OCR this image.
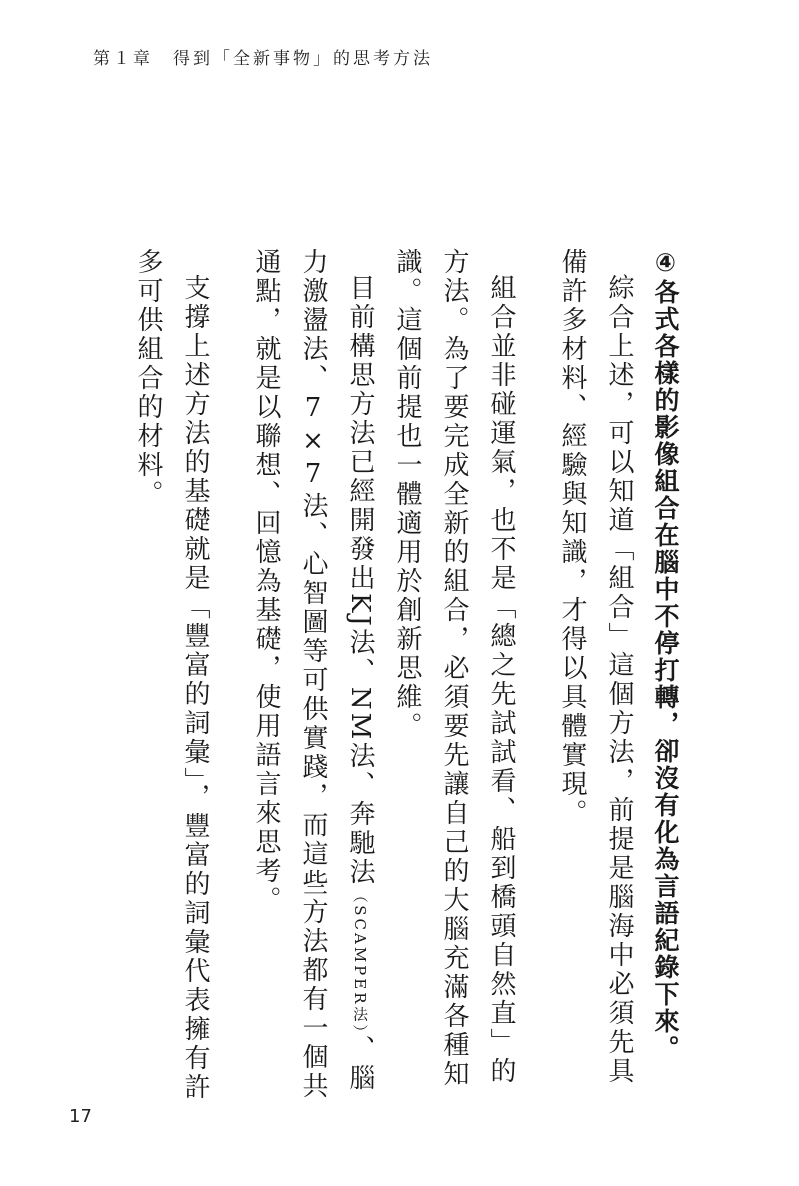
第１章　得到「全新事物」的思考方法

④各式各樣的影像組合在腦中不停打轉，卻沒有化為言語紀錄下來。

綜合上述，可以知道「組合」這個方法，前提是腦海中必須先具備許多材料、經驗與知識，才得以具體實現。

組合並非碰運氣，也不是「總之先試試看、船到橋頭自然直」的方法。為了要完成全新的組合，必須要先讓自己的大腦充滿各種知識。這個前提也一體適用於創新思維。

目前構思方法已經開發出KJ法、NM法、奔馳法（SCAMPER法）、腦力激盪法、7×7法、心智圖等可供實踐，而這些方法都有一個共通點，就是以聯想、回憶為基礎，使用語言來思考。

支撐上述方法的基礎就是「豐富的詞彙」，豐富的詞彙代表擁有許多可供組合的材料。

17
